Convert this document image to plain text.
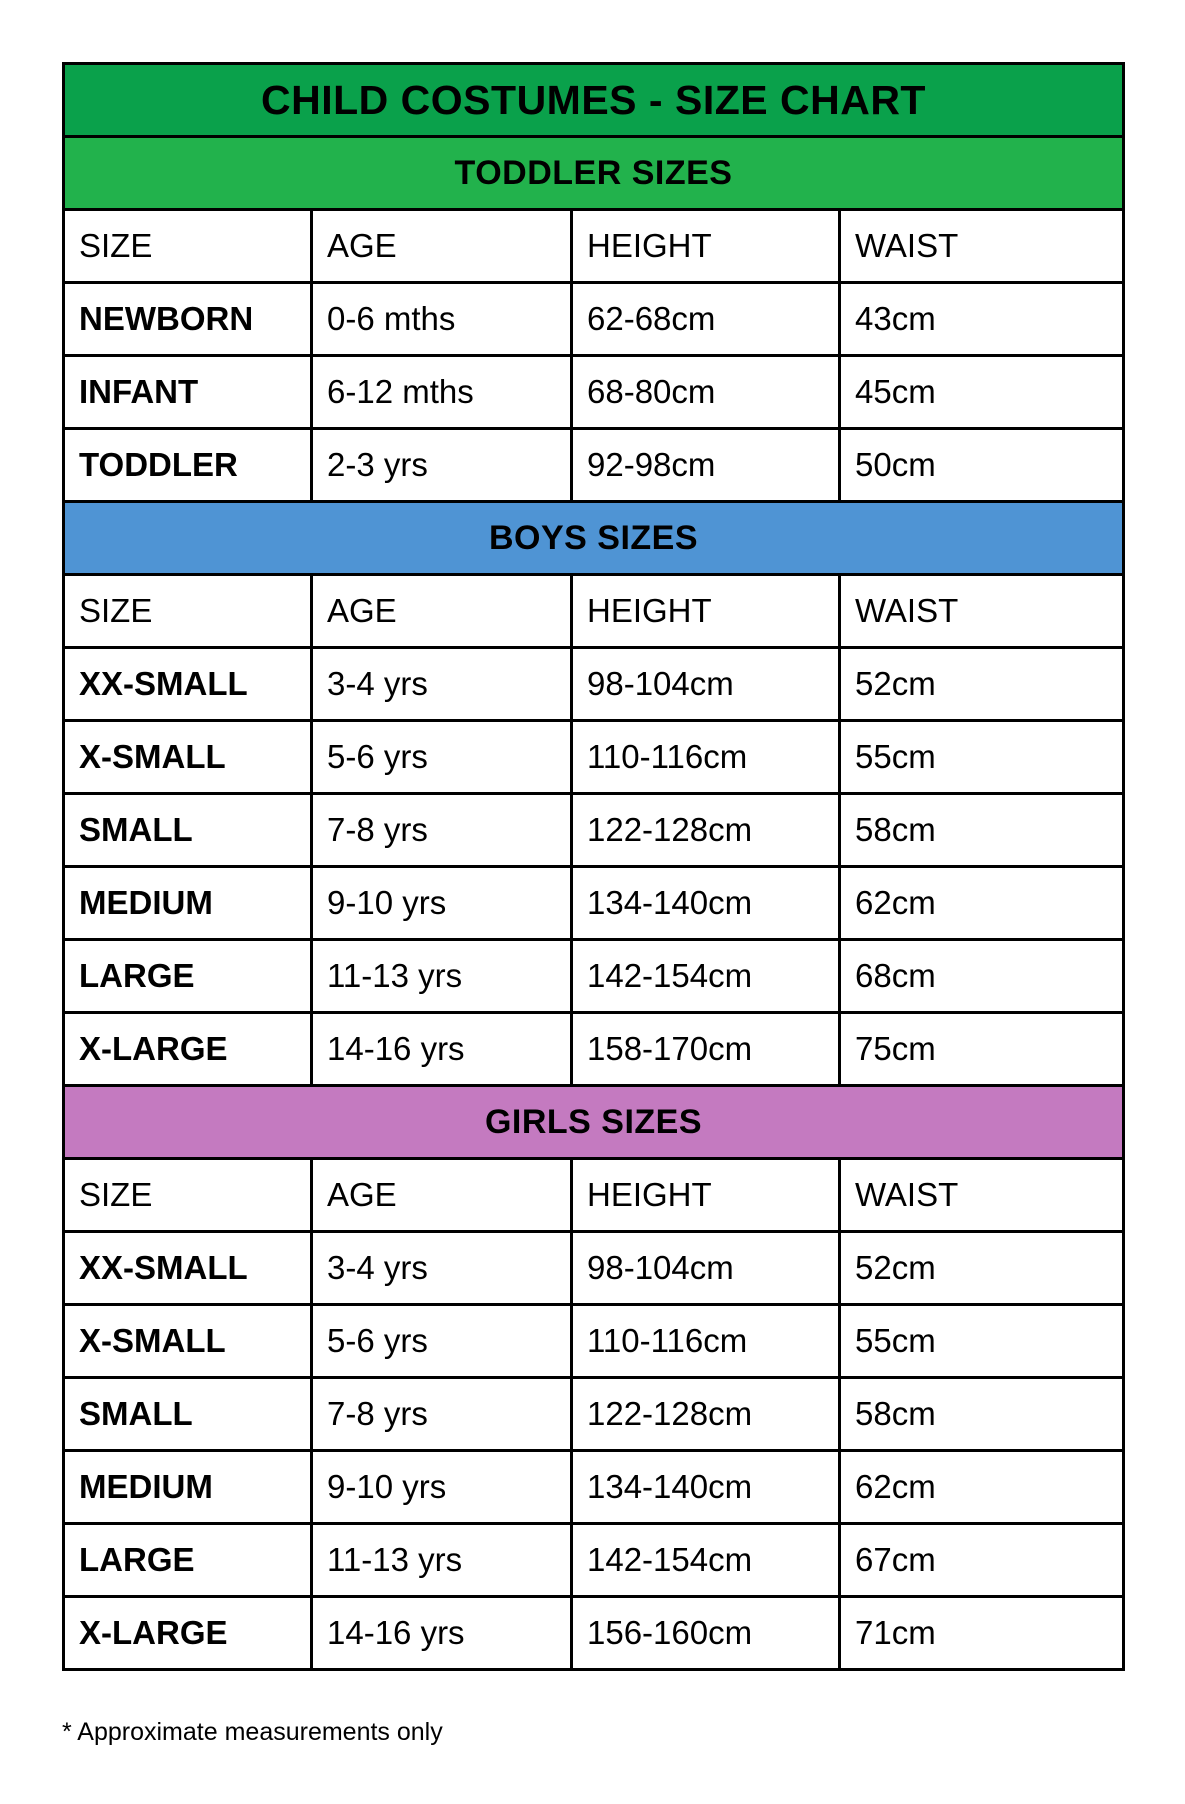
CHILD COSTUMES - SIZE CHART			
TODDLER SIZES			

SIZE	AGE	HEIGHT	WAIST

NEWBORN	0-6 mths	62-68cm	43cm

INFANT	6-12 mths	68-80cm	45cm

TODDLER	2-3 yrs	92-98cm	50cm

BOYS SIZES			

SIZE	AGE	HEIGHT	WAIST

XX-SMALL	3-4 yrs	98-104cm	52cm

X-SMALL	5-6 yrs	110-116cm	55cm

SMALL	7-8 yrs	122-128cm	58cm

MEDIUM	9-10 yrs	134-140cm	62cm

LARGE	11-13 yrs	142-154cm	68cm

X-LARGE	14-16 yrs	158-170cm	75cm

GIRLS SIZES			

SIZE	AGE	HEIGHT	WAIST

XX-SMALL	3-4 yrs	98-104cm	52cm

X-SMALL	5-6 yrs	110-116cm	55cm

SMALL	7-8 yrs	122-128cm	58cm

MEDIUM	9-10 yrs	134-140cm	62cm

LARGE	11-13 yrs	142-154cm	67cm

X-LARGE	14-16 yrs	156-160cm	71cm
* Approximate measurements only
